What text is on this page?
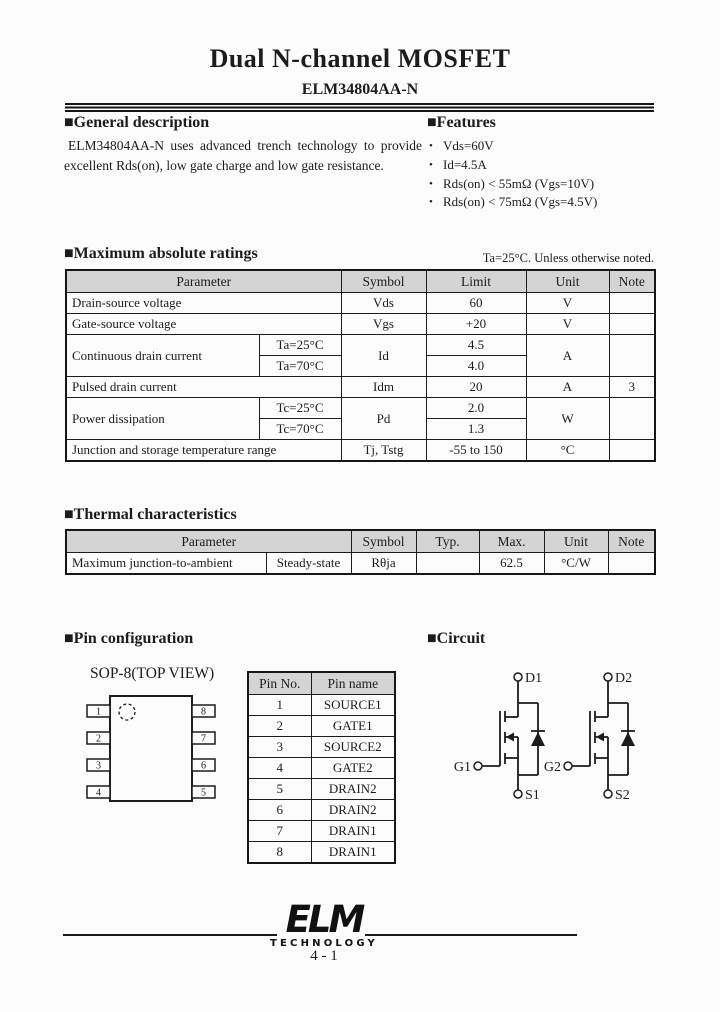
Dual N-channel MOSFET
ELM34804AA-N
■General description
ELM34804AA-N uses advanced trench technology to provide excellent Rds(on), low gate charge and low gate resistance.
■Features
• Vds=60V
• Id=4.5A
• Rds(on) < 55mΩ (Vgs=10V)
• Rds(on) < 75mΩ (Vgs=4.5V)
■Maximum absolute ratings	Ta=25°C. Unless otherwise noted.
Parameter		Symbol	Limit	Unit	Note
Drain-source voltage		Vds	60	V	
Gate-source voltage		Vgs	+20	V	
Continuous drain current	Ta=25°C	Id	4.5	A	
	Ta=70°C		4.0		
Pulsed drain current		Idm	20	A	3
Power dissipation	Tc=25°C	Pd	2.0	W	
	Tc=70°C		1.3		
Junction and storage temperature range		Tj, Tstg	-55 to 150	°C	
■Thermal characteristics
Parameter		Symbol	Typ.	Max.	Unit	Note
Maximum junction-to-ambient	Steady-state	Rθja		62.5	°C/W	
■Pin configuration
SOP-8(TOP VIEW)
1
2
3
4
8
7
6
5
Pin No.	Pin name
1	SOURCE1
2	GATE1
3	SOURCE2
4	GATE2
5	DRAIN2
6	DRAIN2
7	DRAIN1
8	DRAIN1
■Circuit
D1
G1
S1
D2
G2
S2
ELM
TECHNOLOGY
4 - 1
